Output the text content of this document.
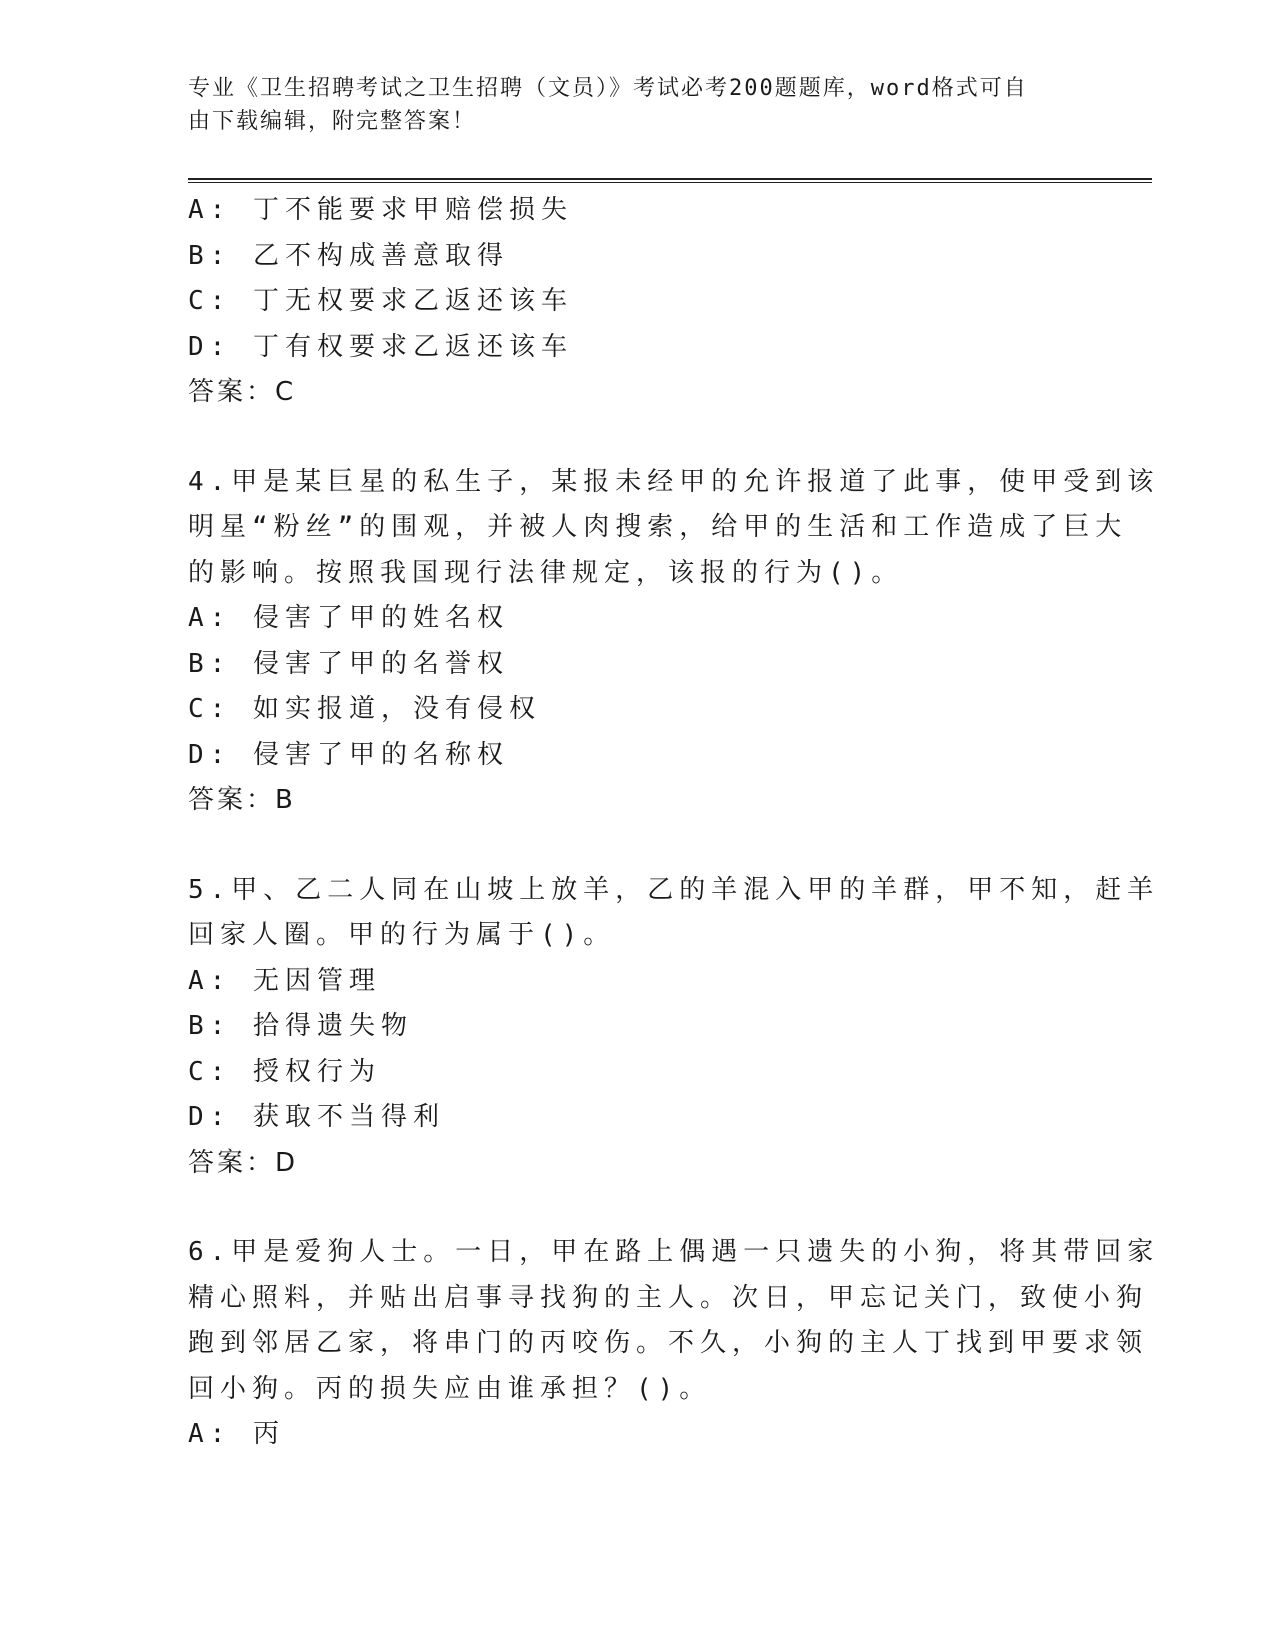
专业《卫生招聘考试之卫生招聘（文员）》考试必考200题题库，word格式可自
由下载编辑，附完整答案！
A: 丁不能要求甲赔偿损失
B: 乙不构成善意取得
C: 丁无权要求乙返还该车
D: 丁有权要求乙返还该车
答案：C
4.甲是某巨星的私生子，某报未经甲的允许报道了此事，使甲受到该
明星“粉丝”的围观，并被人肉搜索，给甲的生活和工作造成了巨大
的影响。按照我国现行法律规定，该报的行为()。
A: 侵害了甲的姓名权
B: 侵害了甲的名誉权
C: 如实报道，没有侵权
D: 侵害了甲的名称权
答案：B
5.甲、乙二人同在山坡上放羊，乙的羊混入甲的羊群，甲不知，赶羊
回家人圈。甲的行为属于()。
A: 无因管理
B: 拾得遗失物
C: 授权行为
D: 获取不当得利
答案：D
6.甲是爱狗人士。一日，甲在路上偶遇一只遗失的小狗，将其带回家
精心照料，并贴出启事寻找狗的主人。次日，甲忘记关门，致使小狗
跑到邻居乙家，将串门的丙咬伤。不久，小狗的主人丁找到甲要求领
回小狗。丙的损失应由谁承担？()。
A: 丙
